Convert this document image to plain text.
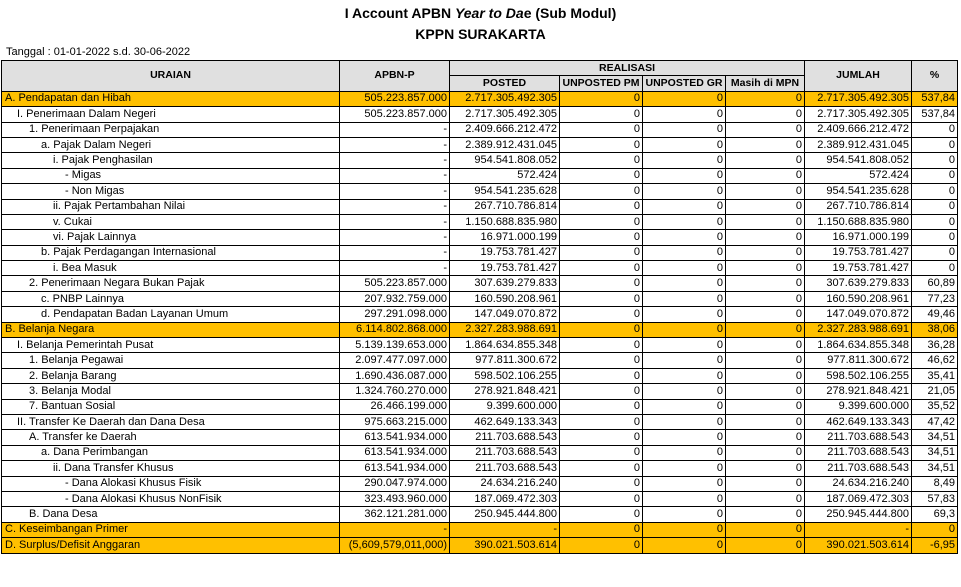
I Account APBN Year to Dae (Sub Modul)
KPPN SURAKARTA
Tanggal : 01-01-2022 s.d. 30-06-2022
URAIAN	APBN-P	REALISASI				JUMLAH	%
		POSTED	UNPOSTED PM	UNPOSTED GR	Masih di MPN		
A. Pendapatan dan Hibah	505.223.857.000	2.717.305.492.305	0	0	0	2.717.305.492.305	537,84
I. Penerimaan Dalam Negeri	505.223.857.000	2.717.305.492.305	0	0	0	2.717.305.492.305	537,84
1. Penerimaan Perpajakan	-	2.409.666.212.472	0	0	0	2.409.666.212.472	0
a. Pajak Dalam Negeri	-	2.389.912.431.045	0	0	0	2.389.912.431.045	0
i. Pajak Penghasilan	-	954.541.808.052	0	0	0	954.541.808.052	0
- Migas	-	572.424	0	0	0	572.424	0
- Non Migas	-	954.541.235.628	0	0	0	954.541.235.628	0
ii. Pajak Pertambahan Nilai	-	267.710.786.814	0	0	0	267.710.786.814	0
v. Cukai	-	1.150.688.835.980	0	0	0	1.150.688.835.980	0
vi. Pajak Lainnya	-	16.971.000.199	0	0	0	16.971.000.199	0
b. Pajak Perdagangan Internasional	-	19.753.781.427	0	0	0	19.753.781.427	0
i. Bea Masuk	-	19.753.781.427	0	0	0	19.753.781.427	0
2. Penerimaan Negara Bukan Pajak	505.223.857.000	307.639.279.833	0	0	0	307.639.279.833	60,89
c. PNBP Lainnya	207.932.759.000	160.590.208.961	0	0	0	160.590.208.961	77,23
d. Pendapatan Badan Layanan Umum	297.291.098.000	147.049.070.872	0	0	0	147.049.070.872	49,46
B. Belanja Negara	6.114.802.868.000	2.327.283.988.691	0	0	0	2.327.283.988.691	38,06
I. Belanja Pemerintah Pusat	5.139.139.653.000	1.864.634.855.348	0	0	0	1.864.634.855.348	36,28
1. Belanja Pegawai	2.097.477.097.000	977.811.300.672	0	0	0	977.811.300.672	46,62
2. Belanja Barang	1.690.436.087.000	598.502.106.255	0	0	0	598.502.106.255	35,41
3. Belanja Modal	1.324.760.270.000	278.921.848.421	0	0	0	278.921.848.421	21,05
7. Bantuan Sosial	26.466.199.000	9.399.600.000	0	0	0	9.399.600.000	35,52
II. Transfer Ke Daerah dan Dana Desa	975.663.215.000	462.649.133.343	0	0	0	462.649.133.343	47,42
A. Transfer ke Daerah	613.541.934.000	211.703.688.543	0	0	0	211.703.688.543	34,51
a. Dana Perimbangan	613.541.934.000	211.703.688.543	0	0	0	211.703.688.543	34,51
ii. Dana Transfer Khusus	613.541.934.000	211.703.688.543	0	0	0	211.703.688.543	34,51
- Dana Alokasi Khusus Fisik	290.047.974.000	24.634.216.240	0	0	0	24.634.216.240	8,49
- Dana Alokasi Khusus NonFisik	323.493.960.000	187.069.472.303	0	0	0	187.069.472.303	57,83
B. Dana Desa	362.121.281.000	250.945.444.800	0	0	0	250.945.444.800	69,3
C. Keseimbangan Primer	-	-	0	0	0	-	0
D. Surplus/Defisit Anggaran	(5,609,579,011,000)	390.021.503.614	0	0	0	390.021.503.614	-6,95
